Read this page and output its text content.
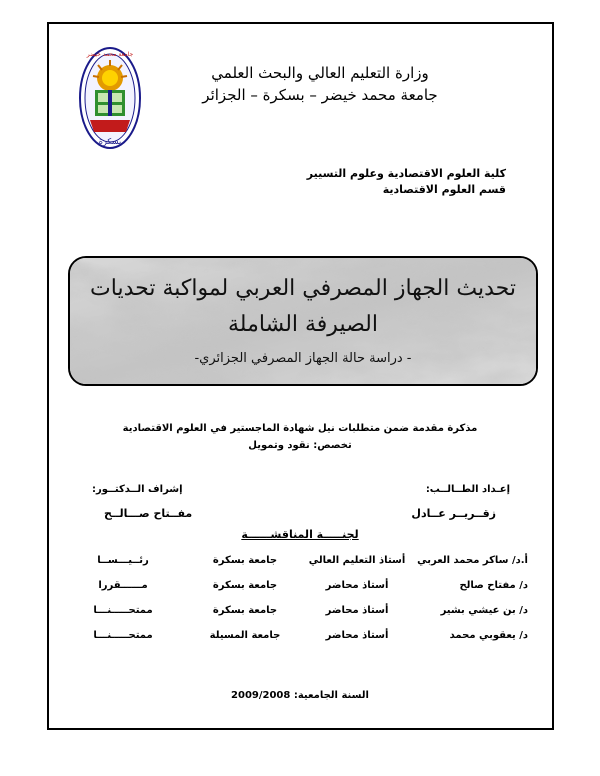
جامعة محمد خيضر
بسكرة
وزارة التعليم العالي والبحث العلمي
جامعة محمد خيضر – بسكرة – الجزائر
كلية العلوم الاقتصادية وعلوم التسيير
قسم العلوم الاقتصادية
تحديث الجهاز المصرفي العربي لمواكبة تحديات
الصيرفة الشاملة
- دراسة حالة الجهاز المصرفي الجزائري-
مذكرة مقدمة ضمن متطلبات نيل شهادة الماجستير في العلوم الاقتصادية
تخصص: نقود وتمويل
إعـداد الطــالــب:
زقــريــر عــادل
إشراف الــدكتــور:
مفــتاح صـــالــح
لجنـــــة المناقشــــــة
أ.د/ ساكر محمد العربي	أستاذ التعليم العالي	جامعة بسكرة	رئــيـــســا
د/ مفتاح صالح	أستاذ محاضر	جامعة بسكرة	مــــــقررا
د/ بن عيشي بشير	أستاذ محاضر	جامعة بسكرة	ممتحـــــنـــا
د/ يعقوبي محمد	أستاذ محاضر	جامعة المسيلة	ممتحـــــنـــا
السنة الجامعية: 2009/2008
